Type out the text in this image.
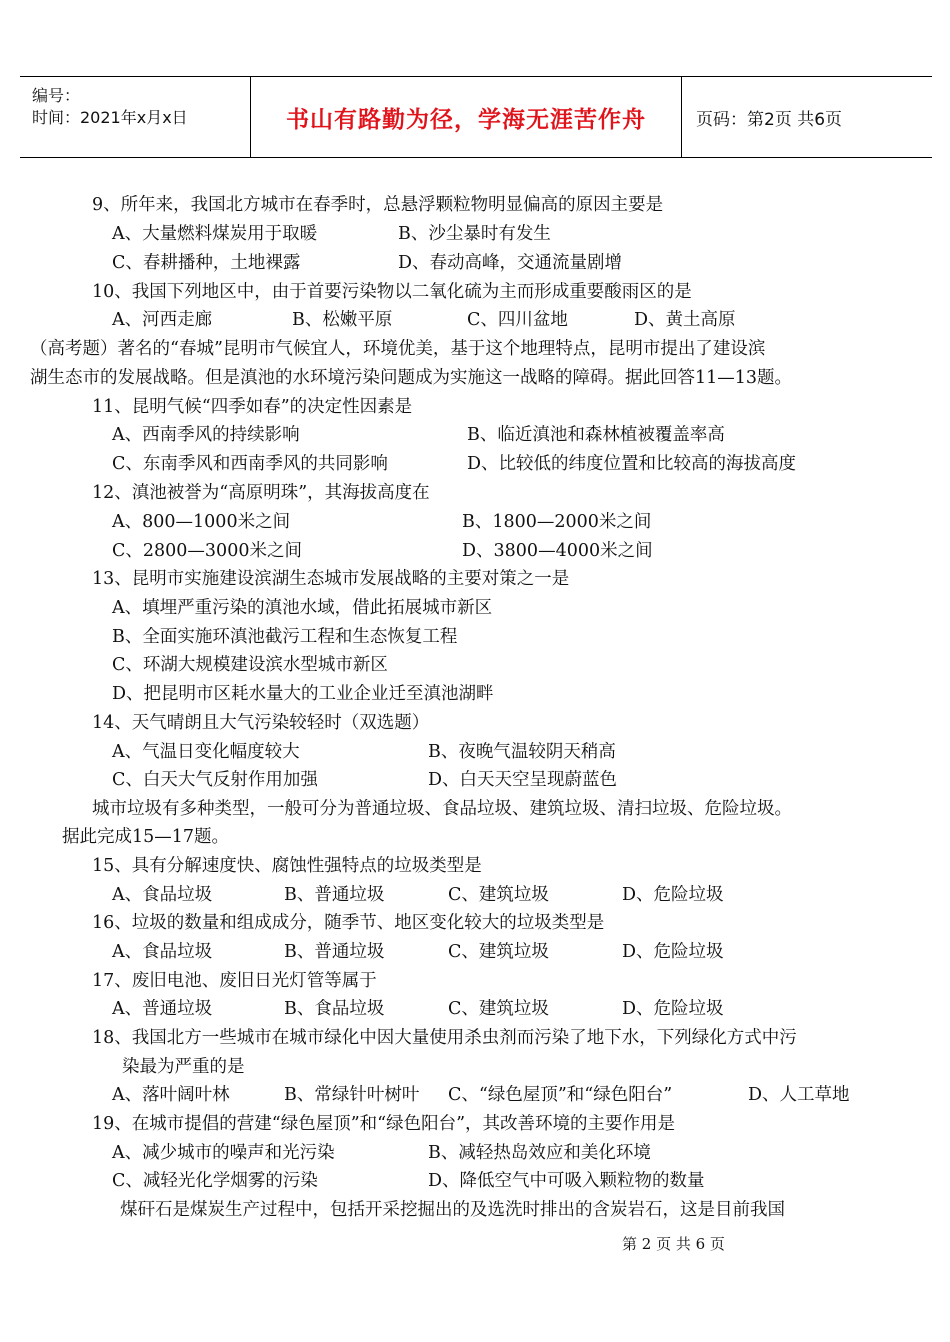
编号：
时间：2021年x月x日	书山有路勤为径，学海无涯苦作舟	页码：第2页 共6页
9、所年来，我国北方城市在春季时，总悬浮颗粒物明显偏高的原因主要是
A、大量燃料煤炭用于取暖	B、沙尘暴时有发生
C、春耕播种，土地裸露	D、春动高峰，交通流量剧增
10、我国下列地区中，由于首要污染物以二氧化硫为主而形成重要酸雨区的是
A、河西走廊	B、松嫩平原	C、四川盆地	D、黄土高原
（高考题）著名的“春城”昆明市气候宜人，环境优美，基于这个地理特点，昆明市提出了建设滨
湖生态市的发展战略。但是滇池的水环境污染问题成为实施这一战略的障碍。据此回答11—13题。
11、昆明气候“四季如春”的决定性因素是
A、西南季风的持续影响	B、临近滇池和森林植被覆盖率高
C、东南季风和西南季风的共同影响	D、比较低的纬度位置和比较高的海拔高度
12、滇池被誉为“高原明珠”，其海拔高度在
A、800—1000米之间	B、1800—2000米之间
C、2800—3000米之间	D、3800—4000米之间
13、昆明市实施建设滨湖生态城市发展战略的主要对策之一是
A、填埋严重污染的滇池水域，借此拓展城市新区
B、全面实施环滇池截污工程和生态恢复工程
C、环湖大规模建设滨水型城市新区
D、把昆明市区耗水量大的工业企业迁至滇池湖畔
14、天气晴朗且大气污染较轻时（双选题）
A、气温日变化幅度较大	B、夜晚气温较阴天稍高
C、白天大气反射作用加强	D、白天天空呈现蔚蓝色
城市垃圾有多种类型，一般可分为普通垃圾、食品垃圾、建筑垃圾、清扫垃圾、危险垃圾。
据此完成15—17题。
15、具有分解速度快、腐蚀性强特点的垃圾类型是
A、食品垃圾	B、普通垃圾	C、建筑垃圾	D、危险垃圾
16、垃圾的数量和组成成分，随季节、地区变化较大的垃圾类型是
A、食品垃圾	B、普通垃圾	C、建筑垃圾	D、危险垃圾
17、废旧电池、废旧日光灯管等属于
A、普通垃圾	B、食品垃圾	C、建筑垃圾	D、危险垃圾
18、我国北方一些城市在城市绿化中因大量使用杀虫剂而污染了地下水，下列绿化方式中污
染最为严重的是
A、落叶阔叶林	B、常绿针叶树叶 C、“绿色屋顶”和“绿色阳台”	D、人工草地
19、在城市提倡的营建“绿色屋顶”和“绿色阳台”，其改善环境的主要作用是
A、减少城市的噪声和光污染	B、减轻热岛效应和美化环境
C、减轻光化学烟雾的污染	D、降低空气中可吸入颗粒物的数量
煤矸石是煤炭生产过程中，包括开采挖掘出的及选洗时排出的含炭岩石，这是目前我国
第 2 页 共 6 页
